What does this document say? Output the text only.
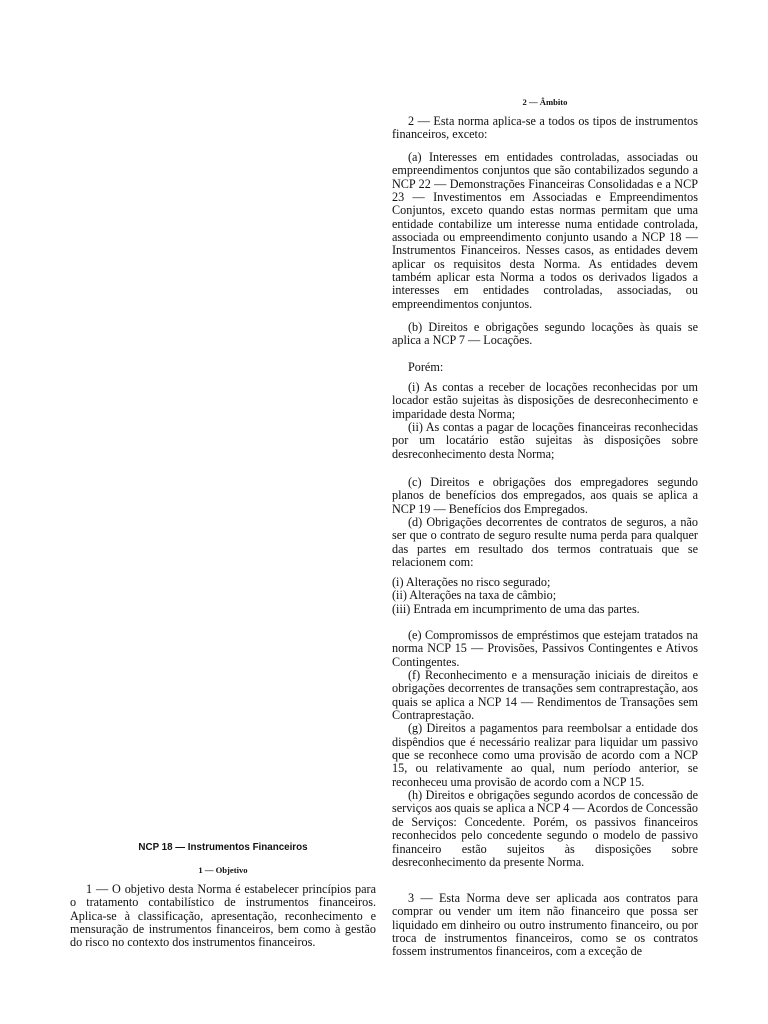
NCP 18 — Instrumentos Financeiros
1 — Objetivo
2 — Âmbito

1 — O objetivo desta Norma é estabelecer princípios para o tratamento contabilístico de instrumentos financeiros. Aplica-se à classificação, apresentação, reconhecimento e mensuração de instrumentos financeiros, bem como à gestão do risco no contexto dos instrumentos financeiros.

2 — Esta norma aplica-se a todos os tipos de instrumentos financeiros, exceto:

(a) Interesses em entidades controladas, associadas ou empreendimentos conjuntos que são contabilizados segundo a NCP 22 — Demonstrações Financeiras Consolidadas e a NCP 23 — Investimentos em Associadas e Empreendimentos Conjuntos, exceto quando estas normas permitam que uma entidade contabilize um interesse numa entidade controlada, associada ou empreendimento conjunto usando a NCP 18 — Instrumentos Financeiros. Nesses casos, as entidades devem aplicar os requisitos desta Norma. As entidades devem também aplicar esta Norma a todos os derivados ligados a interesses em entidades controladas, associadas, ou empreendimentos conjuntos.

(b) Direitos e obrigações segundo locações às quais se aplica a NCP 7 — Locações.

Porém:

(i) As contas a receber de locações reconhecidas por um locador estão sujeitas às disposições de desreconhecimento e imparidade desta Norma;

(ii) As contas a pagar de locações financeiras reconhecidas por um locatário estão sujeitas às disposições sobre desreconhecimento desta Norma;

(c) Direitos e obrigações dos empregadores segundo planos de benefícios dos empregados, aos quais se aplica a NCP 19 — Benefícios dos Empregados.

(d) Obrigações decorrentes de contratos de seguros, a não ser que o contrato de seguro resulte numa perda para qualquer das partes em resultado dos termos contratuais que se relacionem com:

(i) Alterações no risco segurado;

(ii) Alterações na taxa de câmbio;

(iii) Entrada em incumprimento de uma das partes.

(e) Compromissos de empréstimos que estejam tratados na norma NCP 15 — Provisões, Passivos Contingentes e Ativos Contingentes.

(f) Reconhecimento e a mensuração iniciais de direitos e obrigações decorrentes de transações sem contraprestação, aos quais se aplica a NCP 14 — Rendimentos de Transações sem Contraprestação.

(g) Direitos a pagamentos para reembolsar a entidade dos dispêndios que é necessário realizar para liquidar um passivo que se reconhece como uma provisão de acordo com a NCP 15, ou relativamente ao qual, num período anterior, se reconheceu uma provisão de acordo com a NCP 15.

(h) Direitos e obrigações segundo acordos de concessão de serviços aos quais se aplica a NCP 4 — Acordos de Concessão de Serviços: Concedente. Porém, os passivos financeiros reconhecidos pelo concedente segundo o modelo de passivo financeiro estão sujeitos às disposições sobre desreconhecimento da presente Norma.

3 — Esta Norma deve ser aplicada aos contratos para comprar ou vender um item não financeiro que possa ser liquidado em dinheiro ou outro instrumento financeiro, ou por troca de instrumentos financeiros, como se os contratos fossem instrumentos financeiros, com a exceção de
